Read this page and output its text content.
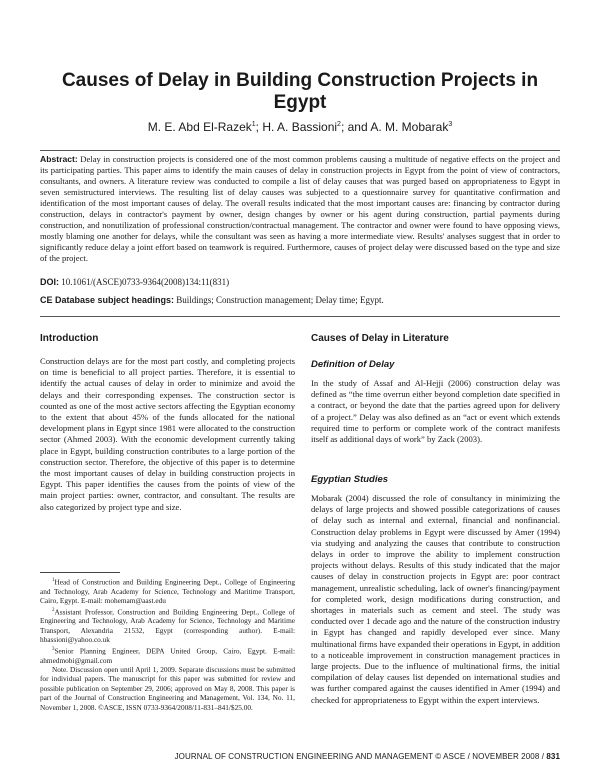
Causes of Delay in Building Construction Projects in Egypt
M. E. Abd El-Razek$^1$; H. A. Bassioni$^2$; and A. M. Mobarak$^3$

Abstract: Delay in construction projects is considered one of the most common problems causing a multitude of negative effects on the project and its participating parties. This paper aims to identify the main causes of delay in construction projects in Egypt from the point of view of contractors, consultants, and owners. A literature review was conducted to compile a list of delay causes that was purged based on appropriateness to Egypt in seven semistructured interviews. The resulting list of delay causes was subjected to a questionnaire survey for quantitative confirmation and identification of the most important causes of delay. The overall results indicated that the most important causes are: financing by contractor during construction, delays in contractor's payment by owner, design changes by owner or his agent during construction, partial payments during construction, and nonutilization of professional construction/contractual management. The contractor and owner were found to have opposing views, mostly blaming one another for delays, while the consultant was seen as having a more intermediate view. Results' analyses suggest that in order to significantly reduce delay a joint effort based on teamwork is required. Furthermore, causes of project delay were discussed based on the type and size of the project.

DOI: 10.1061/(ASCE)0733-9364(2008)134:11(831)
CE Database subject headings: Buildings; Construction management; Delay time; Egypt.
Introduction

Construction delays are for the most part costly, and completing projects on time is beneficial to all project parties. Therefore, it is essential to identify the actual causes of delay in order to minimize and avoid the delays and their corresponding expenses. The construction sector is counted as one of the most active sectors affecting the Egyptian economy to the extent that about 45% of the funds allocated for the national development plans in Egypt since 1981 were allocated to the construction sector (Ahmed 2003). With the economic development currently taking place in Egypt, building construction contributes to a large portion of the construction sector. Therefore, the objective of this paper is to determine the most important causes of delay in building construction projects in Egypt. This paper identifies the causes from the points of view of the main project parties: owner, contractor, and consultant. The results are also categorized by project type and size.

$^1$Head of Construction and Building Engineering Dept., College of Engineering and Technology, Arab Academy for Science, Technology and Maritime Transport, Cairo, Egypt. E-mail: mohemam@aast.edu

$^2$Assistant Professor, Construction and Building Engineering Dept., College of Engineering and Technology, Arab Academy for Science, Technology and Maritime Transport, Alexandria 21532, Egypt (corresponding author). E-mail: hbassioni@yahoo.co.uk

$^3$Senior Planning Engineer, DEPA United Group, Cairo, Egypt. E-mail: ahmedmobi@gmail.com

Note. Discussion open until April 1, 2009. Separate discussions must be submitted for individual papers. The manuscript for this paper was submitted for review and possible publication on September 29, 2006; approved on May 8, 2008. This paper is part of the Journal of Construction Engineering and Management, Vol. 134, No. 11, November 1, 2008. ©ASCE, ISSN 0733-9364/2008/11-831–841/$25.00.

Causes of Delay in Literature
Definition of Delay

In the study of Assaf and Al-Hejji (2006) construction delay was defined as “the time overrun either beyond completion date specified in a contract, or beyond the date that the parties agreed upon for delivery of a project.” Delay was also defined as an “act or event which extends required time to perform or complete work of the contract manifests itself as additional days of work” by Zack (2003).

Egyptian Studies

Mobarak (2004) discussed the role of consultancy in minimizing the delays of large projects and showed possible categorizations of causes of delay such as internal and external, financial and nonfinancial. Construction delay problems in Egypt were discussed by Amer (1994) via studying and analyzing the causes that contribute to construction delays in order to improve the ability to implement construction projects without delays. Results of this study indicated that the major causes of delay in construction projects in Egypt are: poor contract management, unrealistic scheduling, lack of owner's financing/payment for completed work, design modifications during construction, and shortages in materials such as cement and steel. The study was conducted over 1 decade ago and the nature of the construction industry in Egypt has changed and rapidly developed ever since. Many multinational firms have expanded their operations in Egypt, in addition to a noticeable improvement in construction management practices in large projects. Due to the influence of multinational firms, the initial compilation of delay causes list depended on international studies and was further compared against the causes identified in Amer (1994) and checked for appropriateness to Egypt within the expert interviews.

JOURNAL OF CONSTRUCTION ENGINEERING AND MANAGEMENT © ASCE / NOVEMBER 2008 / 831
